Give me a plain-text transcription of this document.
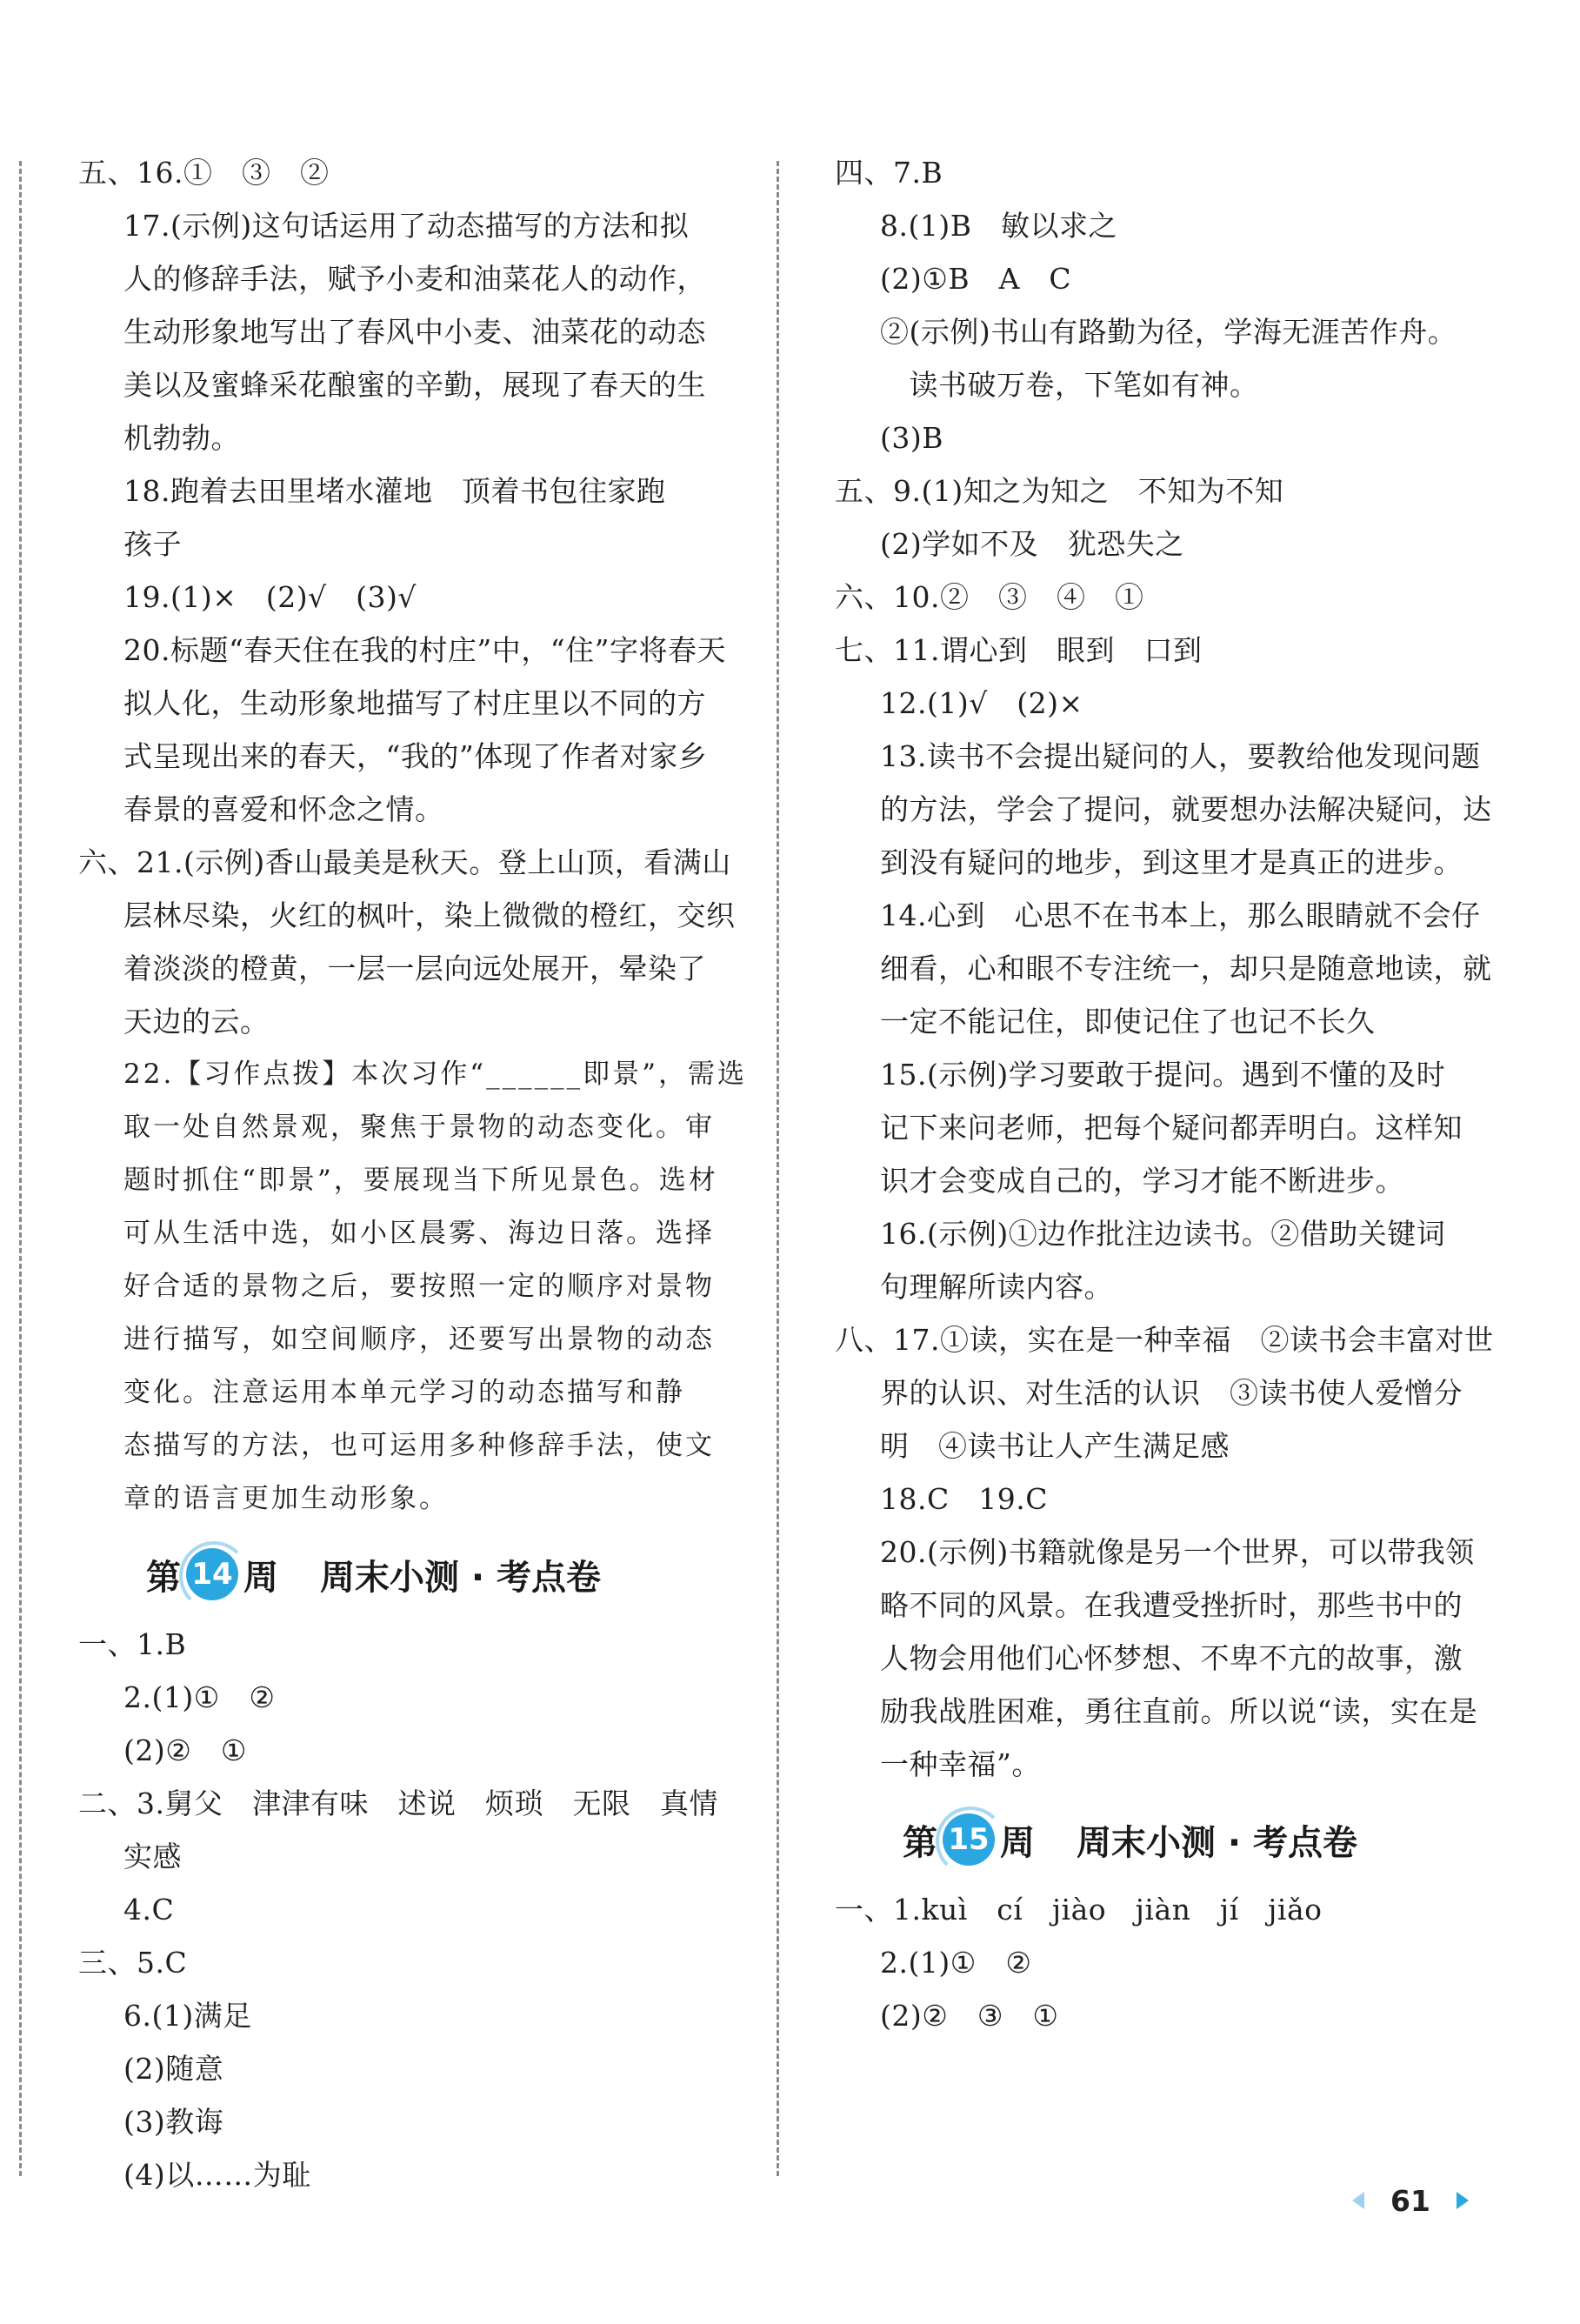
五、16.①　③　②
17.(示例)这句话运用了动态描写的方法和拟
人的修辞手法，赋予小麦和油菜花人的动作，
生动形象地写出了春风中小麦、油菜花的动态
美以及蜜蜂采花酿蜜的辛勤，展现了春天的生
机勃勃。
18.跑着去田里堵水灌地　顶着书包往家跑
孩子
19.(1)×　(2)√　(3)√
20.标题“春天住在我的村庄”中，“住”字将春天
拟人化，生动形象地描写了村庄里以不同的方
式呈现出来的春天，“我的”体现了作者对家乡
春景的喜爱和怀念之情。
六、21.(示例)香山最美是秋天。登上山顶，看满山
层林尽染，火红的枫叶，染上微微的橙红，交织
着淡淡的橙黄，一层一层向远处展开，晕染了
天边的云。
22.【习作点拨】本次习作“______即景”，需选
取一处自然景观，聚焦于景物的动态变化。审
题时抓住“即景”，要展现当下所见景色。选材
可从生活中选，如小区晨雾、海边日落。选择
好合适的景物之后，要按照一定的顺序对景物
进行描写，如空间顺序，还要写出景物的动态
变化。注意运用本单元学习的动态描写和静
态描写的方法，也可运用多种修辞手法，使文
章的语言更加生动形象。
第 14 周 周末小测 · 考点卷
一、1.B
2.(1)①　②
(2)②　①
二、3.舅父　津津有味　述说　烦琐　无限　真情
实感
4.C
三、5.C
6.(1)满足
(2)随意
(3)教诲
(4)以……为耻
四、7.B
8.(1)B　敏以求之
(2)①B　A　C
②(示例)书山有路勤为径，学海无涯苦作舟。
　读书破万卷，下笔如有神。
(3)B
五、9.(1)知之为知之　不知为不知
(2)学如不及　犹恐失之
六、10.②　③　④　①
七、11.谓心到　眼到　口到
12.(1)√　(2)×
13.读书不会提出疑问的人，要教给他发现问题
的方法，学会了提问，就要想办法解决疑问，达
到没有疑问的地步，到这里才是真正的进步。
14.心到　心思不在书本上，那么眼睛就不会仔
细看，心和眼不专注统一，却只是随意地读，就
一定不能记住，即使记住了也记不长久
15.(示例)学习要敢于提问。遇到不懂的及时
记下来问老师，把每个疑问都弄明白。这样知
识才会变成自己的，学习才能不断进步。
16.(示例)①边作批注边读书。②借助关键词
句理解所读内容。
八、17.①读，实在是一种幸福　②读书会丰富对世
界的认识、对生活的认识　③读书使人爱憎分
明　④读书让人产生满足感
18.C　19.C
20.(示例)书籍就像是另一个世界，可以带我领
略不同的风景。在我遭受挫折时，那些书中的
人物会用他们心怀梦想、不卑不亢的故事，激
励我战胜困难，勇往直前。所以说“读，实在是
一种幸福”。
第 15 周 周末小测 · 考点卷
一、1.kuì　cí　jiào　jiàn　jí　jiǎo
2.(1)①　②
(2)②　③　①
61
